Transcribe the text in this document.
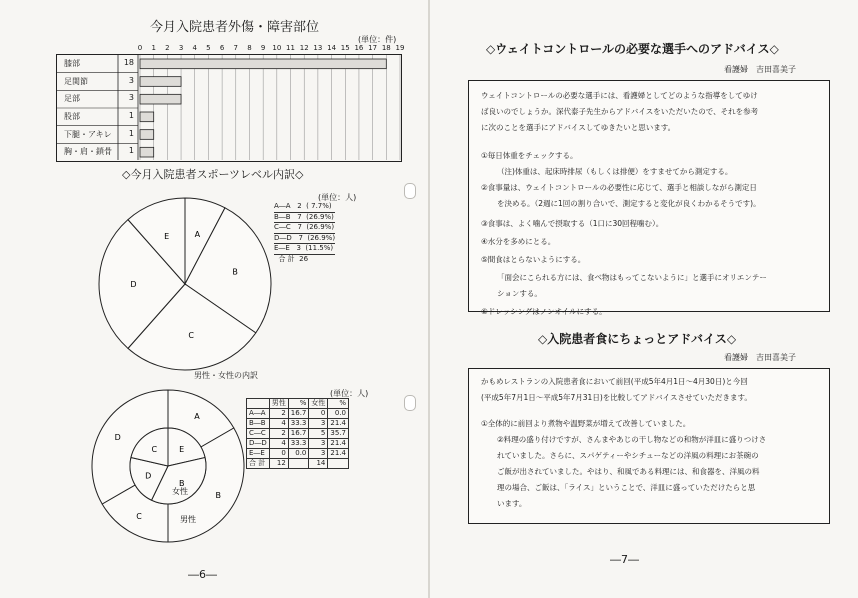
今月入院患者外傷・障害部位
(単位：件)
0	1	2	3	4	5	6	7	8	9 10 11 12 13 14 15 16 17 18 19
膝部	18
足関節	3
足部	3
股部	1
下腿・アキレ	1
胸・肩・鎖骨	1
◇今月入院患者スポーツレベル内訳◇
(単位：人)
A―A   2  ( 7.7%)
B―B   7  (26.9%)
C―C   7  (26.9%)
D―D   7  (26.9%)
E―E   3  (11.5%)
合 計  26
A
B
C
D
E
男性・女性の内訳
(単位：人)
	男性	%	女性	%
A―A	2	16.7	0	0.0
B―B	4	33.3	3	21.4
C―C	2	16.7	5	35.7
D―D	4	33.3	3	21.4
E―E	0	0.0	3	21.4
合 計	12		14	
A
B
C
D
E
B
D
C
女性
男性
―6―
◇ウェイトコントロールの必要な選手へのアドバイス◇
看護婦　吉田喜美子

ウェイトコントロールの必要な選手には、看護婦としてどのような指導をしてゆけ

ば良いのでしょうか。深代泰子先生からアドバイスをいただいたので、それを参考

に次のことを選手にアドバイスしてゆきたいと思います。

①毎日体重をチェックする。

（注)体重は、起床時排尿（もしくは排便）をすませてから測定する。

②食事量は、ウェイトコントロールの必要性に応じて、選手と相談しながら測定日

を決める。（2週に1回の割り合いで、測定すると変化が良くわかるそうです)。

③食事は、よく噛んで摂取する（1口に30回程噛む）。

④水分を多めにとる。

⑤間食はとらないようにする。

「面会にこられる方には、食べ物はもってこないように」と選手にオリエンテー

ションする。

⑥ドレッシングはノンオイルにする。

◇入院患者食にちょっとアドバイス◇
看護婦　吉田喜美子

かもめレストランの入院患者食において前回(平成5年4月1日～4月30日)と今回

(平成5年7月1日～平成5年7月31日)を比較してアドバイスさせていただきます。

①全体的に前回より煮物や温野菜が増えて改善していました。

②料理の盛り付けですが、さんまやあじの干し物などの和物が洋皿に盛りつけさ

れていました。さらに、スパゲティーやシチューなどの洋風の料理にお茶碗の

ご飯が出されていました。やはり、和風である料理には、和食器を、洋風の料

理の場合、ご飯は、「ライス」ということで、洋皿に盛っていただけたらと思

います。

―7―
